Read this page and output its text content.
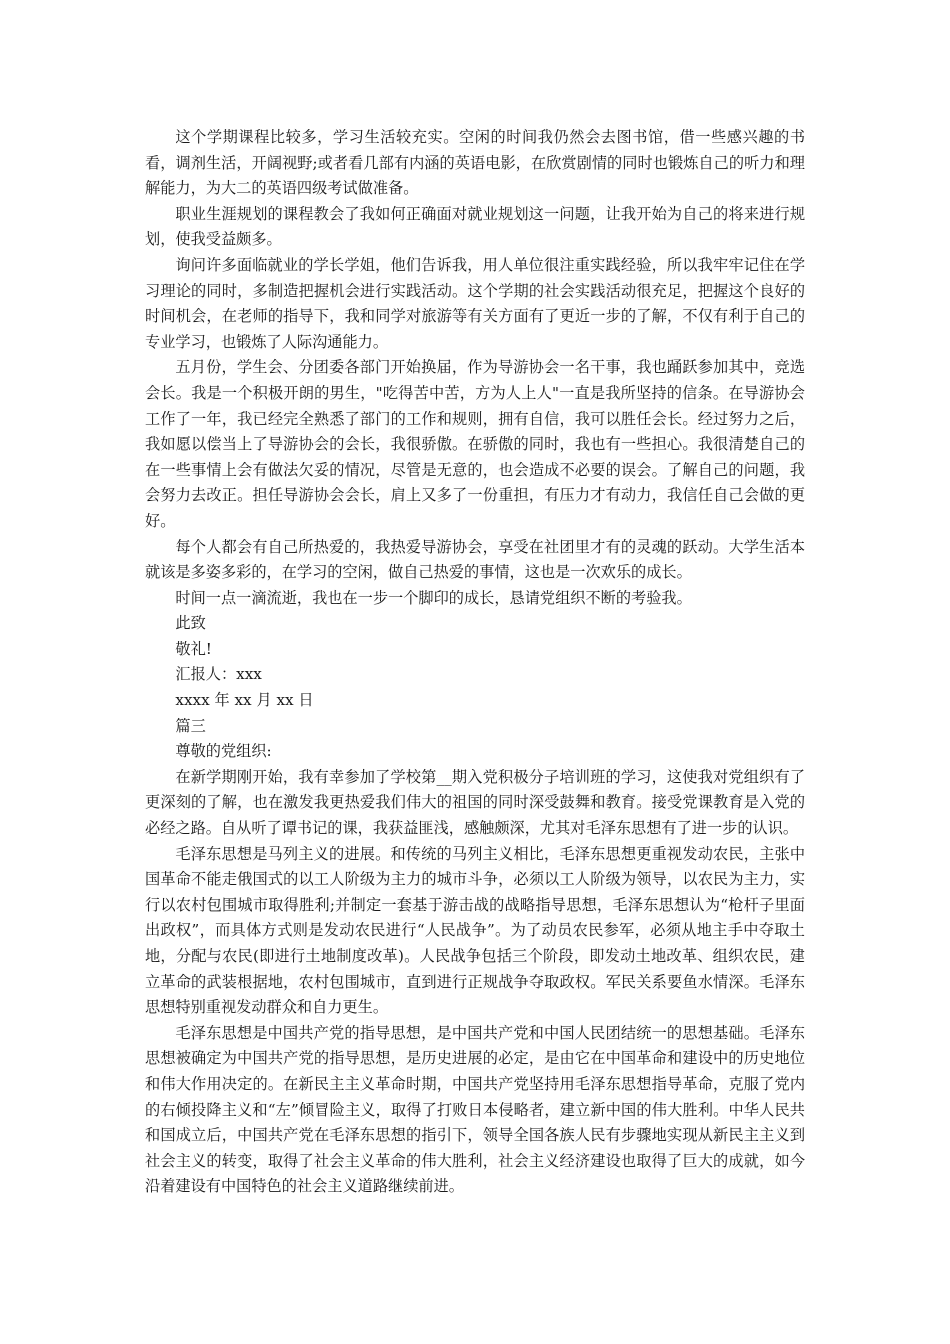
这个学期课程比较多，学习生活较充实。空闲的时间我仍然会去图书馆，借一些感兴趣的书看，调剂生活，开阔视野;或者看几部有内涵的英语电影，在欣赏剧情的同时也锻炼自己的听力和理解能力，为大二的英语四级考试做准备。

职业生涯规划的课程教会了我如何正确面对就业规划这一问题，让我开始为自己的将来进行规划，使我受益颇多。

询问许多面临就业的学长学姐，他们告诉我，用人单位很注重实践经验，所以我牢牢记住在学习理论的同时，多制造把握机会进行实践活动。这个学期的社会实践活动很充足，把握这个良好的时间机会，在老师的指导下，我和同学对旅游等有关方面有了更近一步的了解，不仅有利于自己的专业学习，也锻炼了人际沟通能力。

五月份，学生会、分团委各部门开始换届，作为导游协会一名干事，我也踊跃参加其中，竞选会长。我是一个积极开朗的男生，"吃得苦中苦，方为人上人"一直是我所坚持的信条。在导游协会工作了一年，我已经完全熟悉了部门的工作和规则，拥有自信，我可以胜任会长。经过努力之后，我如愿以偿当上了导游协会的会长，我很骄傲。在骄傲的同时，我也有一些担心。我很清楚自己的在一些事情上会有做法欠妥的情况，尽管是无意的，也会造成不必要的误会。了解自己的问题，我会努力去改正。担任导游协会会长，肩上又多了一份重担，有压力才有动力，我信任自己会做的更好。

每个人都会有自己所热爱的，我热爱导游协会，享受在社团里才有的灵魂的跃动。大学生活本就该是多姿多彩的，在学习的空闲，做自己热爱的事情，这也是一次欢乐的成长。

时间一点一滴流逝，我也在一步一个脚印的成长，恳请党组织不断的考验我。

此致

敬礼!

汇报人：xxx

xxxx 年 xx 月 xx 日

篇三

尊敬的党组织:

在新学期刚开始，我有幸参加了学校第__期入党积极分子培训班的学习，这使我对党组织有了更深刻的了解，也在激发我更热爱我们伟大的祖国的同时深受鼓舞和教育。接受党课教育是入党的必经之路。自从听了谭书记的课，我获益匪浅，感触颇深，尤其对毛泽东思想有了进一步的认识。

毛泽东思想是马列主义的进展。和传统的马列主义相比，毛泽东思想更重视发动农民，主张中国革命不能走俄国式的以工人阶级为主力的城市斗争，必须以工人阶级为领导，以农民为主力，实行以农村包围城市取得胜利;并制定一套基于游击战的战略指导思想，毛泽东思想认为“枪杆子里面出政权”，而具体方式则是发动农民进行“人民战争”。为了动员农民参军，必须从地主手中夺取土地，分配与农民(即进行土地制度改革)。人民战争包括三个阶段，即发动土地改革、组织农民，建立革命的武装根据地，农村包围城市，直到进行正规战争夺取政权。军民关系要鱼水情深。毛泽东思想特别重视发动群众和自力更生。

毛泽东思想是中国共产党的指导思想，是中国共产党和中国人民团结统一的思想基础。毛泽东思想被确定为中国共产党的指导思想，是历史进展的必定，是由它在中国革命和建设中的历史地位和伟大作用决定的。在新民主主义革命时期，中国共产党坚持用毛泽东思想指导革命，克服了党内的右倾投降主义和“左”倾冒险主义，取得了打败日本侵略者，建立新中国的伟大胜利。中华人民共和国成立后，中国共产党在毛泽东思想的指引下，领导全国各族人民有步骤地实现从新民主主义到社会主义的转变，取得了社会主义革命的伟大胜利，社会主义经济建设也取得了巨大的成就，如今沿着建设有中国特色的社会主义道路继续前进。
